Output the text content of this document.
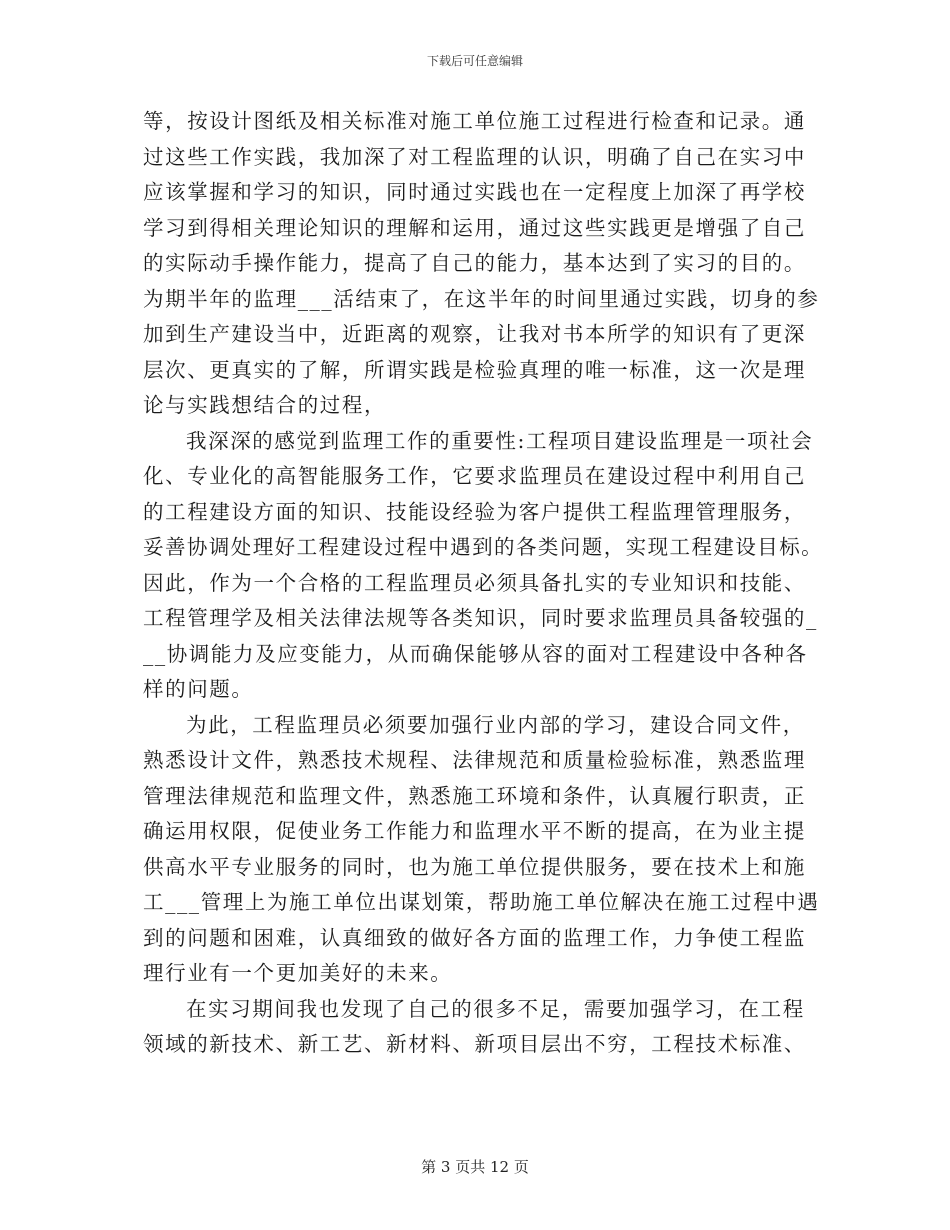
下载后可任意编辑
等，按设计图纸及相关标准对施工单位施工过程进行检查和记录。通
过这些工作实践，我加深了对工程监理的认识，明确了自己在实习中
应该掌握和学习的知识，同时通过实践也在一定程度上加深了再学校
学习到得相关理论知识的理解和运用，通过这些实践更是增强了自己
的实际动手操作能力，提高了自己的能力，基本达到了实习的目的。
为期半年的监理___活结束了，在这半年的时间里通过实践，切身的参
加到生产建设当中，近距离的观察，让我对书本所学的知识有了更深
层次、更真实的了解，所谓实践是检验真理的唯一标准，这一次是理
论与实践想结合的过程，
我深深的感觉到监理工作的重要性:工程项目建设监理是一项社会
化、专业化的高智能服务工作，它要求监理员在建设过程中利用自己
的工程建设方面的知识、技能设经验为客户提供工程监理管理服务，
妥善协调处理好工程建设过程中遇到的各类问题，实现工程建设目标。
因此，作为一个合格的工程监理员必须具备扎实的专业知识和技能、
工程管理学及相关法律法规等各类知识，同时要求监理员具备较强的_
__协调能力及应变能力，从而确保能够从容的面对工程建设中各种各
样的问题。
为此，工程监理员必须要加强行业内部的学习，建设合同文件，
熟悉设计文件，熟悉技术规程、法律规范和质量检验标准，熟悉监理
管理法律规范和监理文件，熟悉施工环境和条件，认真履行职责，正
确运用权限，促使业务工作能力和监理水平不断的提高，在为业主提
供高水平专业服务的同时，也为施工单位提供服务，要在技术上和施
工___管理上为施工单位出谋划策，帮助施工单位解决在施工过程中遇
到的问题和困难，认真细致的做好各方面的监理工作，力争使工程监
理行业有一个更加美好的未来。
在实习期间我也发现了自己的很多不足，需要加强学习，在工程
领域的新技术、新工艺、新材料、新项目层出不穷，工程技术标准、
第 3 页共 12 页
